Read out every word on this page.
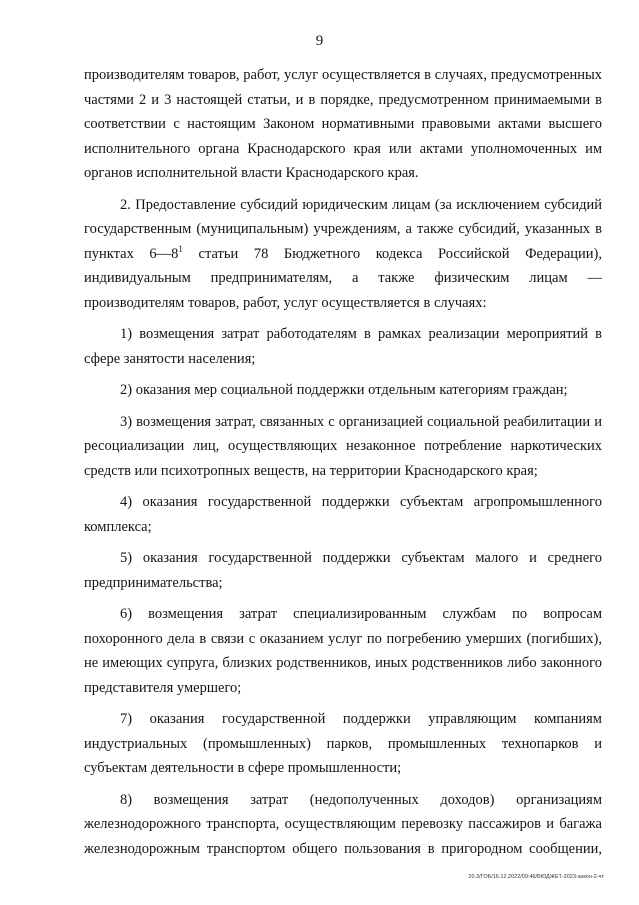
9

производителям товаров, работ, услуг осуществляется в случаях, предусмотренных частями 2 и 3 настоящей статьи, и в порядке, предусмотренном принимаемыми в соответствии с настоящим Законом нормативными правовыми актами высшего исполнительного органа Краснодарского края или актами уполномоченных им органов исполнительной власти Краснодарского края.

2. Предоставление субсидий юридическим лицам (за исключением субсидий государственным (муниципальным) учреждениям, а также субсидий, указанных в пунктах $6—8^1$ статьи 78 Бюджетного кодекса Российской Федерации), индивидуальным предпринимателям, а также физическим лицам — производителям товаров, работ, услуг осуществляется в случаях:

1) возмещения затрат работодателям в рамках реализации мероприятий в сфере занятости населения;

2) оказания мер социальной поддержки отдельным категориям граждан;

3) возмещения затрат, связанных с организацией социальной реабилитации и ресоциализации лиц, осуществляющих незаконное потребление наркотических средств или психотропных веществ, на территории Краснодарского края;

4) оказания государственной поддержки субъектам агропромышленного комплекса;

5) оказания государственной поддержки субъектам малого и среднего предпринимательства;

6) возмещения затрат специализированным службам по вопросам похоронного дела в связи с оказанием услуг по погребению умерших (погибших), не имеющих супруга, близких родственников, иных родственников либо законного представителя умершего;

7) оказания государственной поддержки управляющим компаниям индустриальных (промышленных) парков, промышленных технопарков и субъектам деятельности в сфере промышленности;

8) возмещения затрат (недополученных доходов) организациям железнодорожного транспорта, осуществляющим перевозку пассажиров и багажа железнодорожным транспортом общего пользования в пригородном сообщении,

20.3/ГОБ/16.12.2022/09:46/БЮДЖЕТ-2023-закон-2-чт
